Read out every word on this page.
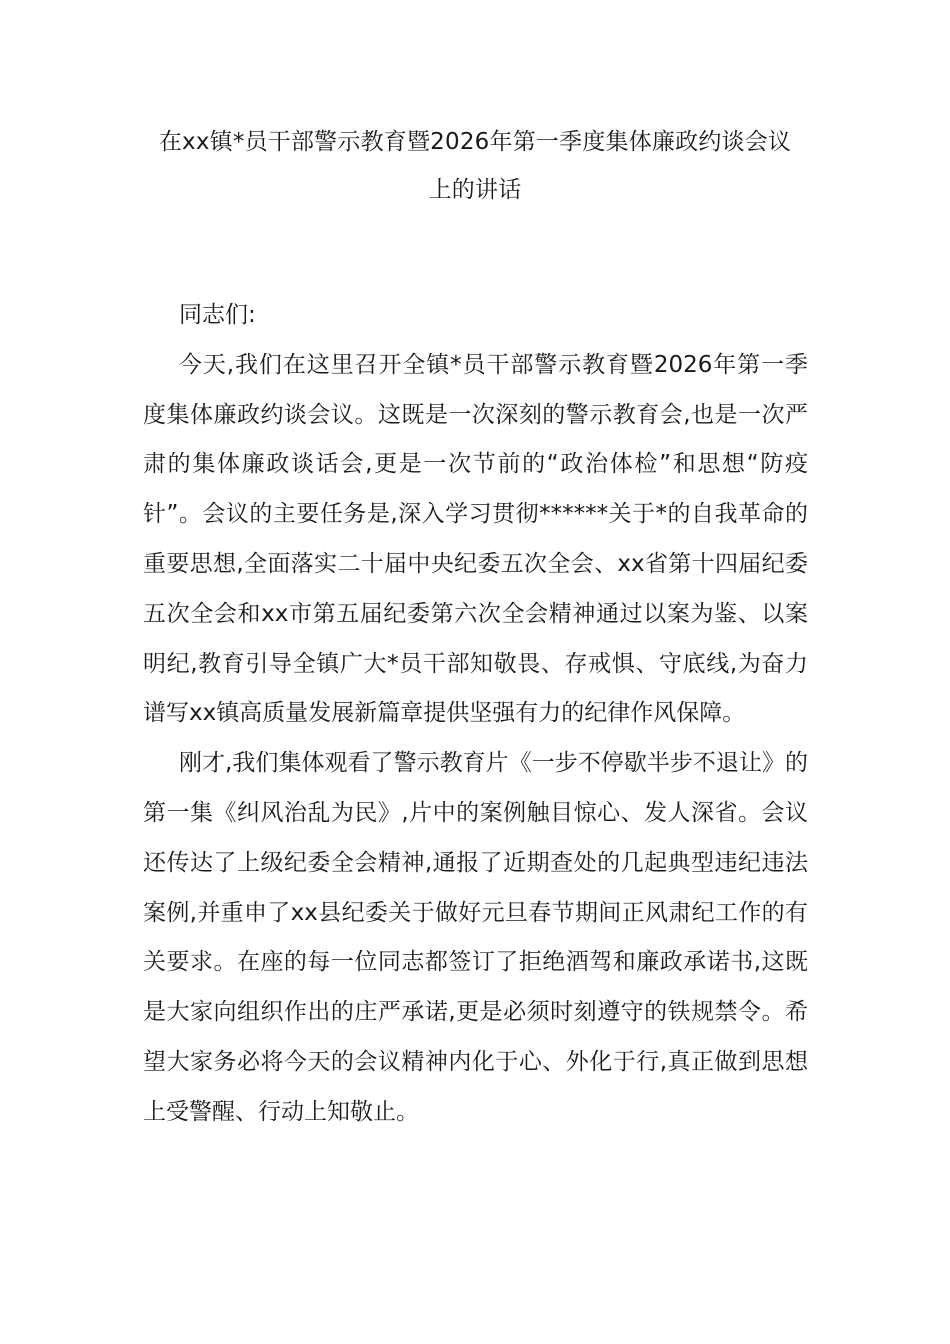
在xx镇*员干部警示教育暨2026年第一季度集体廉政约谈会议
上的讲话

同志们:

今天,我们在这里召开全镇*员干部警示教育暨2026年第一季度集体廉政约谈会议。这既是一次深刻的警示教育会,也是一次严肃的集体廉政谈话会,更是一次节前的“政治体检”和思想“防疫针”。会议的主要任务是,深入学习贯彻******关于*的自我革命的重要思想,全面落实二十届中央纪委五次全会、xx省第十四届纪委五次全会和xx市第五届纪委第六次全会精神通过以案为鉴、以案明纪,教育引导全镇广大*员干部知敬畏、存戒惧、守底线,为奋力谱写xx镇高质量发展新篇章提供坚强有力的纪律作风保障。

刚才,我们集体观看了警示教育片《一步不停歇半步不退让》的第一集《纠风治乱为民》,片中的案例触目惊心、发人深省。会议还传达了上级纪委全会精神,通报了近期查处的几起典型违纪违法案例,并重申了xx县纪委关于做好元旦春节期间正风肃纪工作的有关要求。在座的每一位同志都签订了拒绝酒驾和廉政承诺书,这既是大家向组织作出的庄严承诺,更是必须时刻遵守的铁规禁令。希望大家务必将今天的会议精神内化于心、外化于行,真正做到思想上受警醒、行动上知敬止。
